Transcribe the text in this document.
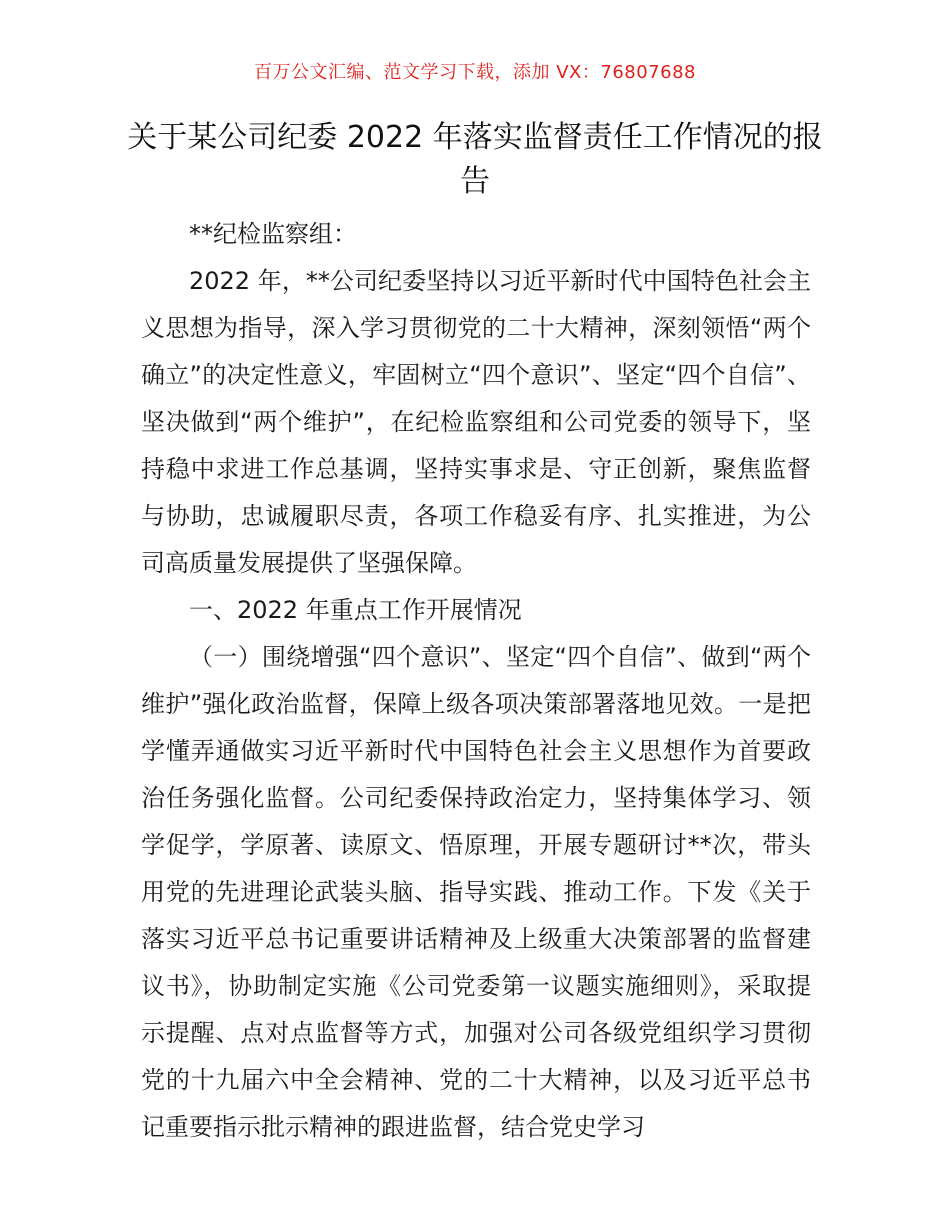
百万公文汇编、范文学习下载，添加 VX：76807688
关于某公司纪委 2022 年落实监督责任工作情况的报告

**纪检监察组：

2022 年，**公司纪委坚持以习近平新时代中国特色社会主义思想为指导，深入学习贯彻党的二十大精神，深刻领悟“两个确立”的决定性意义，牢固树立“四个意识”、坚定“四个自信”、坚决做到“两个维护”，在纪检监察组和公司党委的领导下，坚持稳中求进工作总基调，坚持实事求是、守正创新，聚焦监督与协助，忠诚履职尽责，各项工作稳妥有序、扎实推进，为公司高质量发展提供了坚强保障。

一、2022 年重点工作开展情况

（一）围绕增强“四个意识”、坚定“四个自信”、做到“两个维护”强化政治监督，保障上级各项决策部署落地见效。一是把学懂弄通做实习近平新时代中国特色社会主义思想作为首要政治任务强化监督。公司纪委保持政治定力，坚持集体学习、领学促学，学原著、读原文、悟原理，开展专题研讨**次，带头用党的先进理论武装头脑、指导实践、推动工作。下发《关于落实习近平总书记重要讲话精神及上级重大决策部署的监督建议书》，协助制定实施《公司党委第一议题实施细则》，采取提示提醒、点对点监督等方式，加强对公司各级党组织学习贯彻党的十九届六中全会精神、党的二十大精神，以及习近平总书记重要指示批示精神的跟进监督，结合党史学习
